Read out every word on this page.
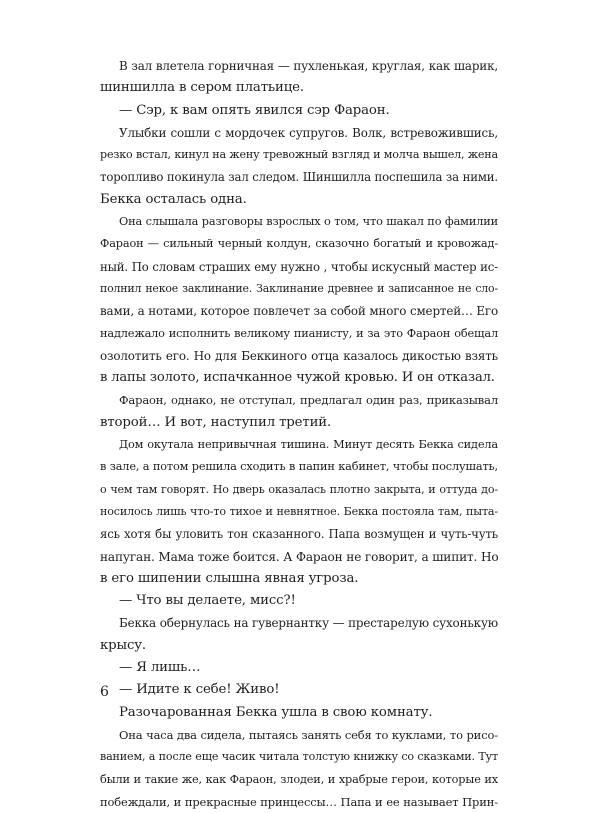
В зал влетела горничная — пухленькая, круглая, как шарик,
шиншилла в сером платьице.
— Сэр, к вам опять явился сэр Фараон.
Улыбки сошли с мордочек супругов. Волк, встревожившись,
резко встал, кинул на жену тревожный взгляд и молча вышел, жена
торопливо покинула зал следом. Шиншилла поспешила за ними.
Бекка осталась одна.
Она слышала разговоры взрослых о том, что шакал по фамилии
Фараон — сильный черный колдун, сказочно богатый и кровожад-
ный. По словам страших ему нужно , чтобы искусный мастер ис-
полнил некое заклинание. Заклинание древнее и записанное не сло-
вами, а нотами, которое повлечет за собой много смертей… Его
надлежало исполнить великому пианисту, и за это Фараон обещал
озолотить его. Но для Беккиного отца казалось дикостью взять
в лапы золото, испачканное чужой кровью. И он отказал.
Фараон, однако, не отступал, предлагал один раз, приказывал
второй… И вот, наступил третий.
Дом окутала непривычная тишина. Минут десять Бекка сидела
в зале, а потом решила сходить в папин кабинет, чтобы послушать,
о чем там говорят. Но дверь оказалась плотно закрыта, и оттуда до-
носилось лишь что-то тихое и невнятное. Бекка постояла там, пыта-
ясь хотя бы уловить тон сказанного. Папа возмущен и чуть-чуть
напуган. Мама тоже боится. А Фараон не говорит, а шипит. Но
в его шипении слышна явная угроза.
— Что вы делаете, мисс?!
Бекка обернулась на гувернантку — престарелую сухонькую
крысу.
— Я лишь…
— Идите к себе! Живо!
Разочарованная Бекка ушла в свою комнату.
Она часа два сидела, пытаясь занять себя то куклами, то рисо-
ванием, а после еще часик читала толстую книжку со сказками. Тут
были и такие же, как Фараон, злодеи, и храбрые герои, которые их
побеждали, и прекрасные принцессы… Папа и ее называет Прин-
6
